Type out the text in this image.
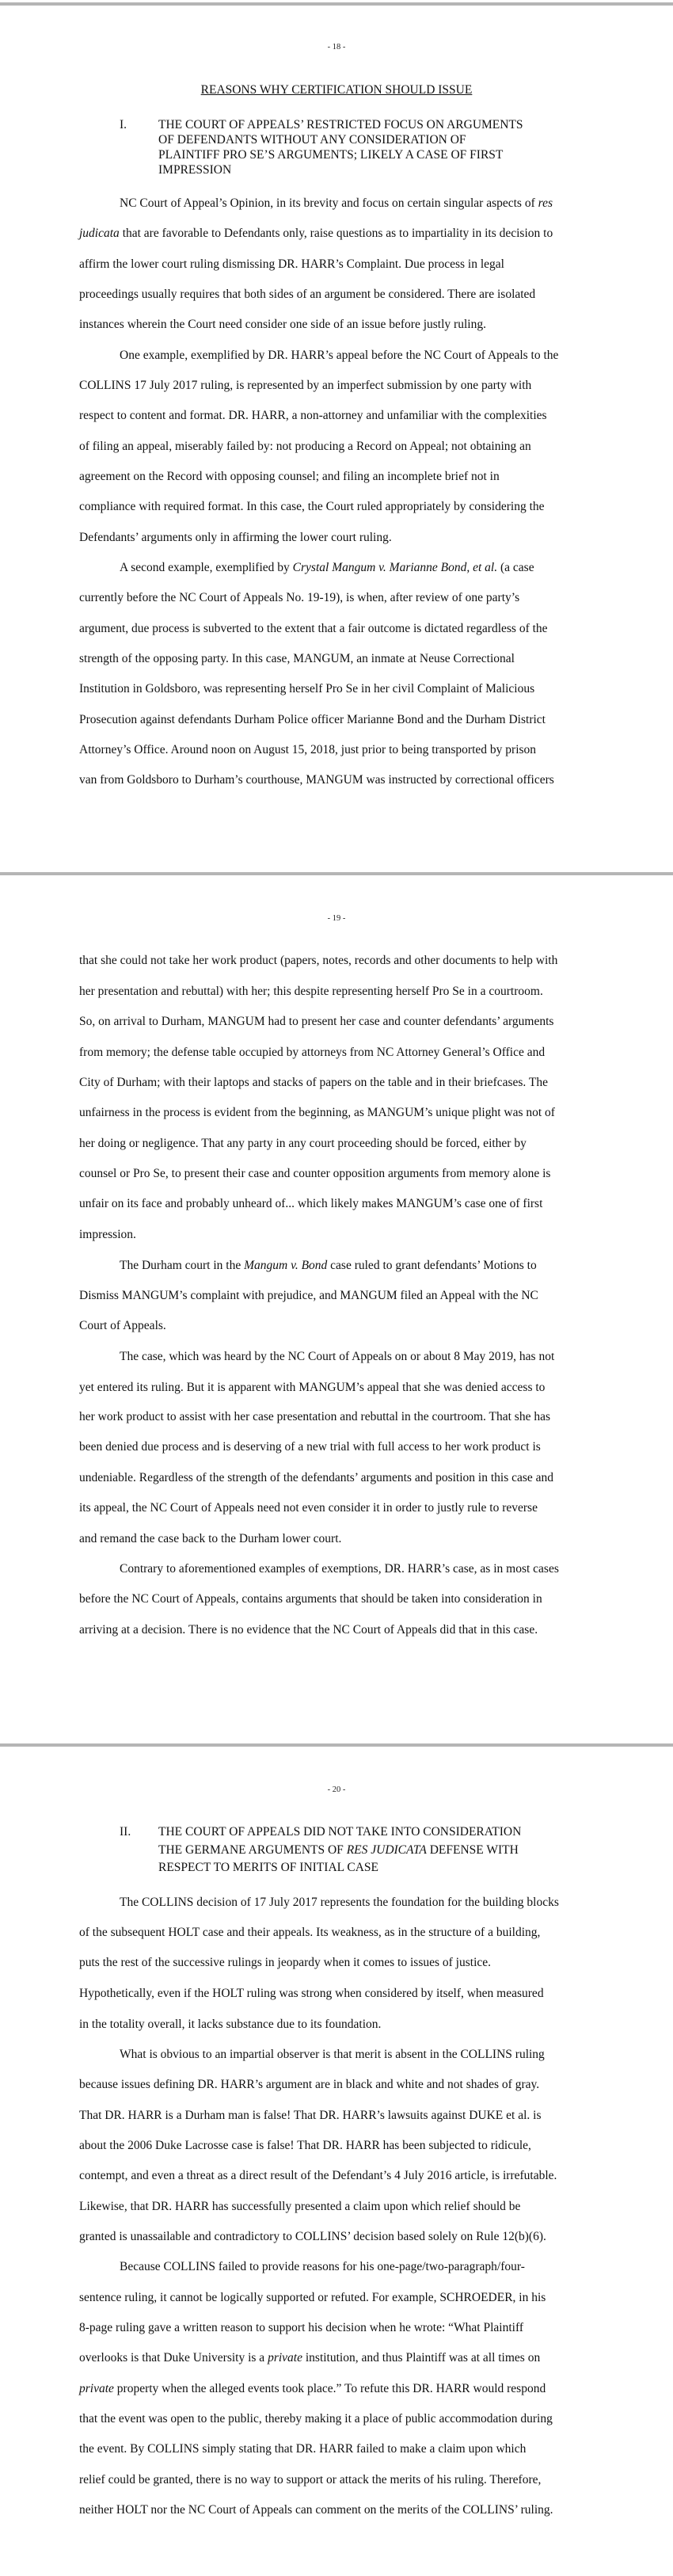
- 18 -
REASONS WHY CERTIFICATION SHOULD ISSUE
I.	THE COURT OF APPEALS’ RESTRICTED FOCUS ON ARGUMENTS
OF DEFENDANTS WITHOUT ANY CONSIDERATION OF
PLAINTIFF PRO SE’S ARGUMENTS; LIKELY A CASE OF FIRST
IMPRESSION
NC Court of Appeal’s Opinion, in its brevity and focus on certain singular aspects of res
judicata that are favorable to Defendants only, raise questions as to impartiality in its decision to
affirm the lower court ruling dismissing DR. HARR’s Complaint. Due process in legal
proceedings usually requires that both sides of an argument be considered. There are isolated
instances wherein the Court need consider one side of an issue before justly ruling.
One example, exemplified by DR. HARR’s appeal before the NC Court of Appeals to the
COLLINS 17 July 2017 ruling, is represented by an imperfect submission by one party with
respect to content and format. DR. HARR, a non-attorney and unfamiliar with the complexities
of filing an appeal, miserably failed by: not producing a Record on Appeal; not obtaining an
agreement on the Record with opposing counsel; and filing an incomplete brief not in
compliance with required format. In this case, the Court ruled appropriately by considering the
Defendants’ arguments only in affirming the lower court ruling.
A second example, exemplified by Crystal Mangum v. Marianne Bond, et al. (a case
currently before the NC Court of Appeals No. 19-19), is when, after review of one party’s
argument, due process is subverted to the extent that a fair outcome is dictated regardless of the
strength of the opposing party. In this case, MANGUM, an inmate at Neuse Correctional
Institution in Goldsboro, was representing herself Pro Se in her civil Complaint of Malicious
Prosecution against defendants Durham Police officer Marianne Bond and the Durham District
Attorney’s Office. Around noon on August 15, 2018, just prior to being transported by prison
van from Goldsboro to Durham’s courthouse, MANGUM was instructed by correctional officers
- 19 -
that she could not take her work product (papers, notes, records and other documents to help with
her presentation and rebuttal) with her; this despite representing herself Pro Se in a courtroom.
So, on arrival to Durham, MANGUM had to present her case and counter defendants’ arguments
from memory; the defense table occupied by attorneys from NC Attorney General’s Office and
City of Durham; with their laptops and stacks of papers on the table and in their briefcases. The
unfairness in the process is evident from the beginning, as MANGUM’s unique plight was not of
her doing or negligence. That any party in any court proceeding should be forced, either by
counsel or Pro Se, to present their case and counter opposition arguments from memory alone is
unfair on its face and probably unheard of... which likely makes MANGUM’s case one of first
impression.
The Durham court in the Mangum v. Bond case ruled to grant defendants’ Motions to
Dismiss MANGUM’s complaint with prejudice, and MANGUM filed an Appeal with the NC
Court of Appeals.
The case, which was heard by the NC Court of Appeals on or about 8 May 2019, has not
yet entered its ruling. But it is apparent with MANGUM’s appeal that she was denied access to
her work product to assist with her case presentation and rebuttal in the courtroom. That she has
been denied due process and is deserving of a new trial with full access to her work product is
undeniable. Regardless of the strength of the defendants’ arguments and position in this case and
its appeal, the NC Court of Appeals need not even consider it in order to justly rule to reverse
and remand the case back to the Durham lower court.
Contrary to aforementioned examples of exemptions, DR. HARR’s case, as in most cases
before the NC Court of Appeals, contains arguments that should be taken into consideration in
arriving at a decision. There is no evidence that the NC Court of Appeals did that in this case.
- 20 -
II. THE COURT OF APPEALS DID NOT TAKE INTO CONSIDERATION
THE GERMANE ARGUMENTS OF RES JUDICATA DEFENSE WITH
RESPECT TO MERITS OF INITIAL CASE
The COLLINS decision of 17 July 2017 represents the foundation for the building blocks
of the subsequent HOLT case and their appeals. Its weakness, as in the structure of a building,
puts the rest of the successive rulings in jeopardy when it comes to issues of justice.
Hypothetically, even if the HOLT ruling was strong when considered by itself, when measured
in the totality overall, it lacks substance due to its foundation.
What is obvious to an impartial observer is that merit is absent in the COLLINS ruling
because issues defining DR. HARR’s argument are in black and white and not shades of gray.
That DR. HARR is a Durham man is false! That DR. HARR’s lawsuits against DUKE et al. is
about the 2006 Duke Lacrosse case is false! That DR. HARR has been subjected to ridicule,
contempt, and even a threat as a direct result of the Defendant’s 4 July 2016 article, is irrefutable.
Likewise, that DR. HARR has successfully presented a claim upon which relief should be
granted is unassailable and contradictory to COLLINS’ decision based solely on Rule 12(b)(6).
Because COLLINS failed to provide reasons for his one-page/two-paragraph/four-
sentence ruling, it cannot be logically supported or refuted. For example, SCHROEDER, in his
8-page ruling gave a written reason to support his decision when he wrote: “What Plaintiff
overlooks is that Duke University is a private institution, and thus Plaintiff was at all times on
private property when the alleged events took place.” To refute this DR. HARR would respond
that the event was open to the public, thereby making it a place of public accommodation during
the event. By COLLINS simply stating that DR. HARR failed to make a claim upon which
relief could be granted, there is no way to support or attack the merits of his ruling. Therefore,
neither HOLT nor the NC Court of Appeals can comment on the merits of the COLLINS’ ruling.
